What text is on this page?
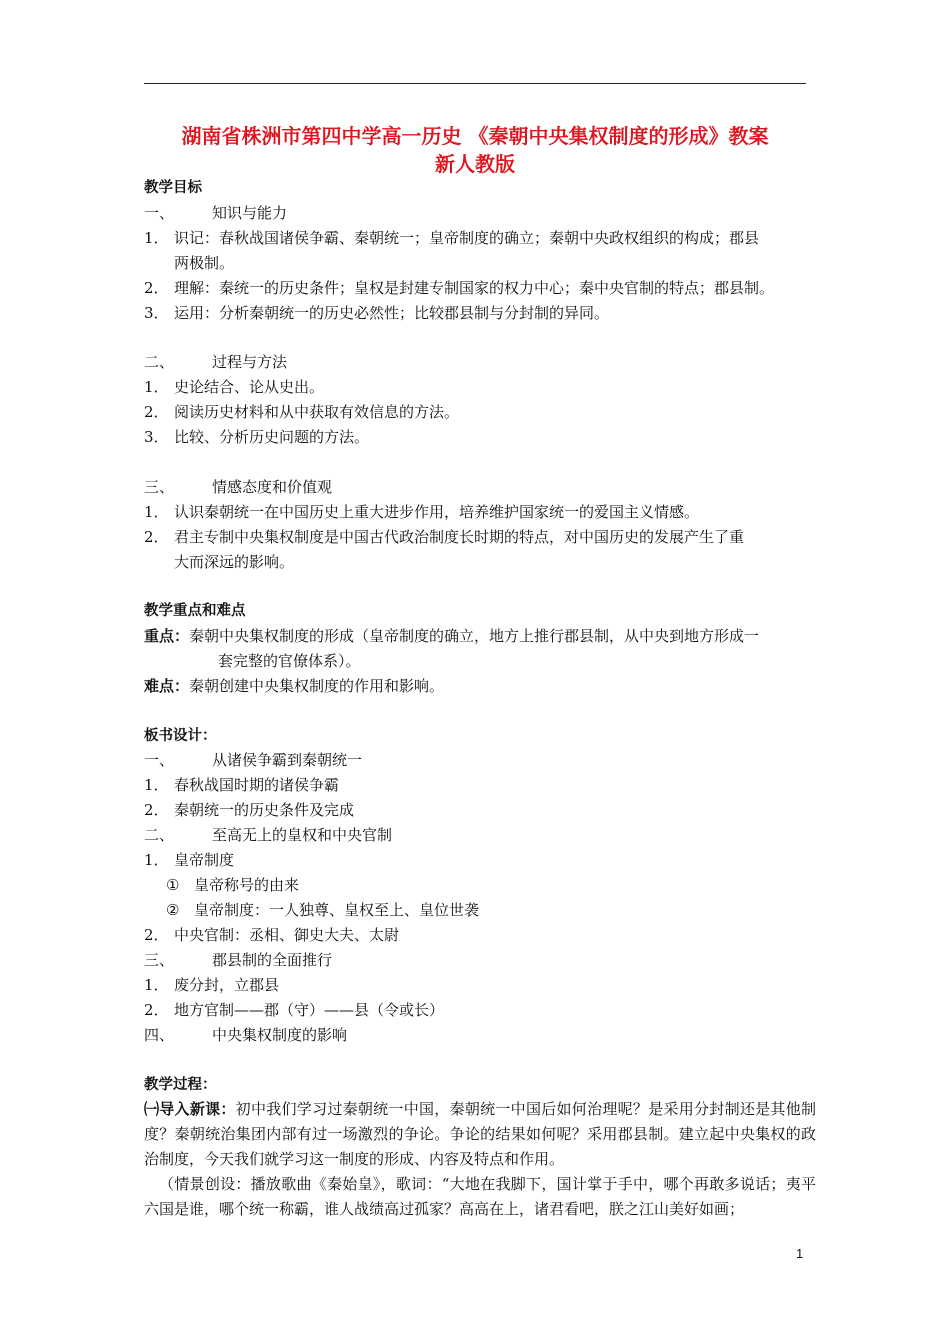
湖南省株洲市第四中学高一历史 《秦朝中央集权制度的形成》教案
新人教版
教学目标
一、	知识与能力
1． 识记：春秋战国诸侯争霸、秦朝统一；皇帝制度的确立；秦朝中央政权组织的构成；郡县
两极制。
2． 理解：秦统一的历史条件；皇权是封建专制国家的权力中心；秦中央官制的特点；郡县制。
3． 运用：分析秦朝统一的历史必然性；比较郡县制与分封制的异同。
二、	过程与方法
1． 史论结合、论从史出。
2． 阅读历史材料和从中获取有效信息的方法。
3． 比较、分析历史问题的方法。
三、	情感态度和价值观
1． 认识秦朝统一在中国历史上重大进步作用，培养维护国家统一的爱国主义情感。
2． 君主专制中央集权制度是中国古代政治制度长时期的特点，对中国历史的发展产生了重
大而深远的影响。
教学重点和难点
重点：秦朝中央集权制度的形成（皇帝制度的确立，地方上推行郡县制，从中央到地方形成一
套完整的官僚体系）。
难点：秦朝创建中央集权制度的作用和影响。
板书设计：
一、	从诸侯争霸到秦朝统一
1． 春秋战国时期的诸侯争霸
2． 秦朝统一的历史条件及完成
二、	至高无上的皇权和中央官制
1． 皇帝制度
① 皇帝称号的由来
② 皇帝制度：一人独尊、皇权至上、皇位世袭
2． 中央官制：丞相、御史大夫、太尉
三、	郡县制的全面推行
1． 废分封，立郡县
2． 地方官制——郡（守）——县（令或长）
四、	中央集权制度的影响
教学过程：
㈠导入新课：初中我们学习过秦朝统一中国，秦朝统一中国后如何治理呢？是采用分封制还是其他制度？秦朝统治集团内部有过一场激烈的争论。争论的结果如何呢？采用郡县制。建立起中央集权的政治制度，今天我们就学习这一制度的形成、内容及特点和作用。
（情景创设：播放歌曲《秦始皇》，歌词：“大地在我脚下，国计掌于手中，哪个再敢多说话；夷平六国是谁，哪个统一称霸，谁人战绩高过孤家？高高在上，诸君看吧，朕之江山美好如画；
1
